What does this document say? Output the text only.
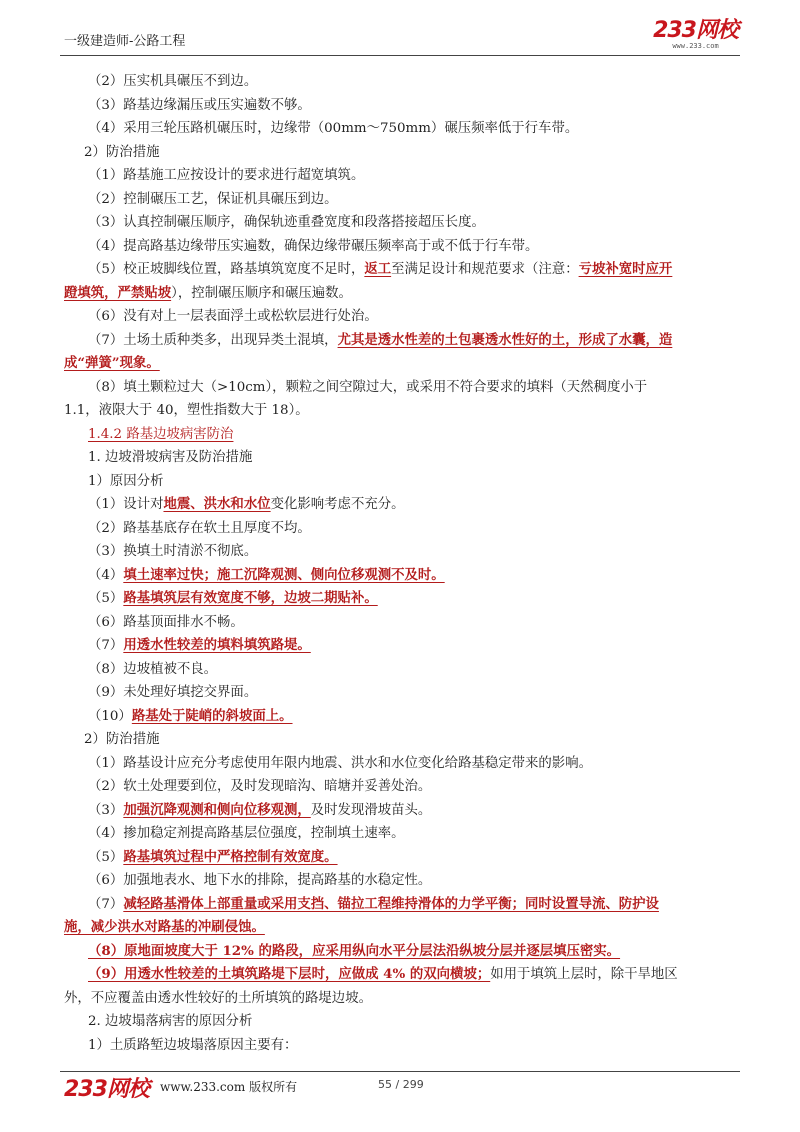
一级建造师-公路工程	233网校
www.233.com
（2）压实机具碾压不到边。
（3）路基边缘漏压或压实遍数不够。
（4）采用三轮压路机碾压时，边缘带（00mm～750mm）碾压频率低于行车带。
2）防治措施
（1）路基施工应按设计的要求进行超宽填筑。
（2）控制碾压工艺，保证机具碾压到边。
（3）认真控制碾压顺序，确保轨迹重叠宽度和段落搭接超压长度。
（4）提高路基边缘带压实遍数，确保边缘带碾压频率高于或不低于行车带。
（5）校正坡脚线位置，路基填筑宽度不足时，返工至满足设计和规范要求（注意：亏坡补宽时应开
蹬填筑，严禁贴坡），控制碾压顺序和碾压遍数。
（6）没有对上一层表面浮土或松软层进行处治。
（7）土场土质种类多，出现异类土混填，尤其是透水性差的土包裹透水性好的土，形成了水囊，造
成“弹簧”现象。
（8）填土颗粒过大（>10cm），颗粒之间空隙过大，或采用不符合要求的填料（天然稠度小于
1.1，液限大于 40，塑性指数大于 18）。
1.4.2 路基边坡病害防治
1. 边坡滑坡病害及防治措施
1）原因分析
（1）设计对地震、洪水和水位变化影响考虑不充分。
（2）路基基底存在软土且厚度不均。
（3）换填土时清淤不彻底。
（4）填土速率过快；施工沉降观测、侧向位移观测不及时。
（5）路基填筑层有效宽度不够，边坡二期贴补。
（6）路基顶面排水不畅。
（7）用透水性较差的填料填筑路堤。
（8）边坡植被不良。
（9）未处理好填挖交界面。
（10）路基处于陡峭的斜坡面上。
2）防治措施
（1）路基设计应充分考虑使用年限内地震、洪水和水位变化给路基稳定带来的影响。
（2）软土处理要到位，及时发现暗沟、暗塘并妥善处治。
（3）加强沉降观测和侧向位移观测，及时发现滑坡苗头。
（4）掺加稳定剂提高路基层位强度，控制填土速率。
（5）路基填筑过程中严格控制有效宽度。
（6）加强地表水、地下水的排除，提高路基的水稳定性。
（7）减轻路基滑体上部重量或采用支挡、锚拉工程维持滑体的力学平衡；同时设置导流、防护设
施，减少洪水对路基的冲刷侵蚀。
（8）原地面坡度大于 12% 的路段，应采用纵向水平分层法沿纵坡分层并逐层填压密实。
（9）用透水性较差的土填筑路堤下层时，应做成 4% 的双向横坡；如用于填筑上层时，除干旱地区
外，不应覆盖由透水性较好的土所填筑的路堤边坡。
2. 边坡塌落病害的原因分析
1）土质路堑边坡塌落原因主要有：
233网校 www.233.com 版权所有	55 / 299
